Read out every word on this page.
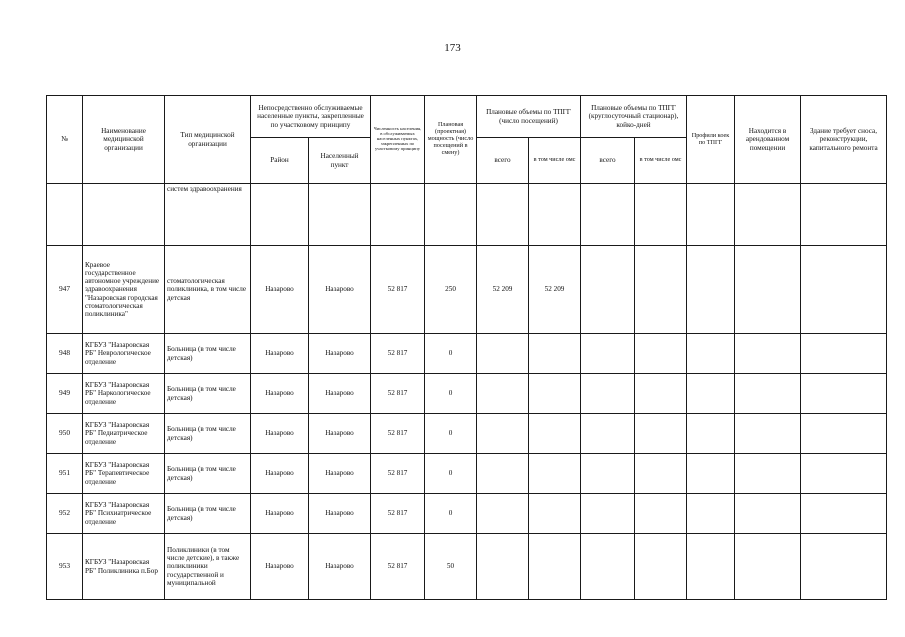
173
№	Наименование медицинской организации	Тип медицинской организации	Непосредственно обслуживаемые населенные пункты, закрепленные по участковому принципу		Численность населения, в обслуживаемых населенных пунктах, закрепленных по участковому принципу	Плановая (проектная) мощность (число посещений в смену)	Плановые объемы по ТПГГ (число посещений)		Плановые объемы по ТПГГ (круглосуточный стационар), койко-дней		Профили коек по ТПГГ	Находится в арендованном помещении	Здание требует сноса, реконструкции, капитального ремонта
			Район	Населенный пункт			всего	в том числе омс	всего	в том числе омс			
		систем здравоохранения											
947	Краевое государственное автономное учреждение здравоохранения "Назаровская городская стоматологическая поликлиника"	стоматологическая поликлиника, в том числе детская	Назарово	Назарово	52 817	250	52 209	52 209					
948	КГБУЗ "Назаровская РБ" Неврологическое отделение	Больница (в том числе детская)	Назарово	Назарово	52 817	0							
949	КГБУЗ "Назаровская РБ" Наркологическое отделение	Больница (в том числе детская)	Назарово	Назарово	52 817	0							
950	КГБУЗ "Назаровская РБ" Педиатрическое отделение	Больница (в том числе детская)	Назарово	Назарово	52 817	0							
951	КГБУЗ "Назаровская РБ" Терапевтическое отделение	Больница (в том числе детская)	Назарово	Назарово	52 817	0							
952	КГБУЗ "Назаровская РБ" Психиатрическое отделение	Больница (в том числе детская)	Назарово	Назарово	52 817	0							
953	КГБУЗ "Назаровская РБ" Поликлиника п.Бор	Поликлиники (в том числе детские), в также поликлиники государственной и муниципальной	Назарово	Назарово	52 817	50							
